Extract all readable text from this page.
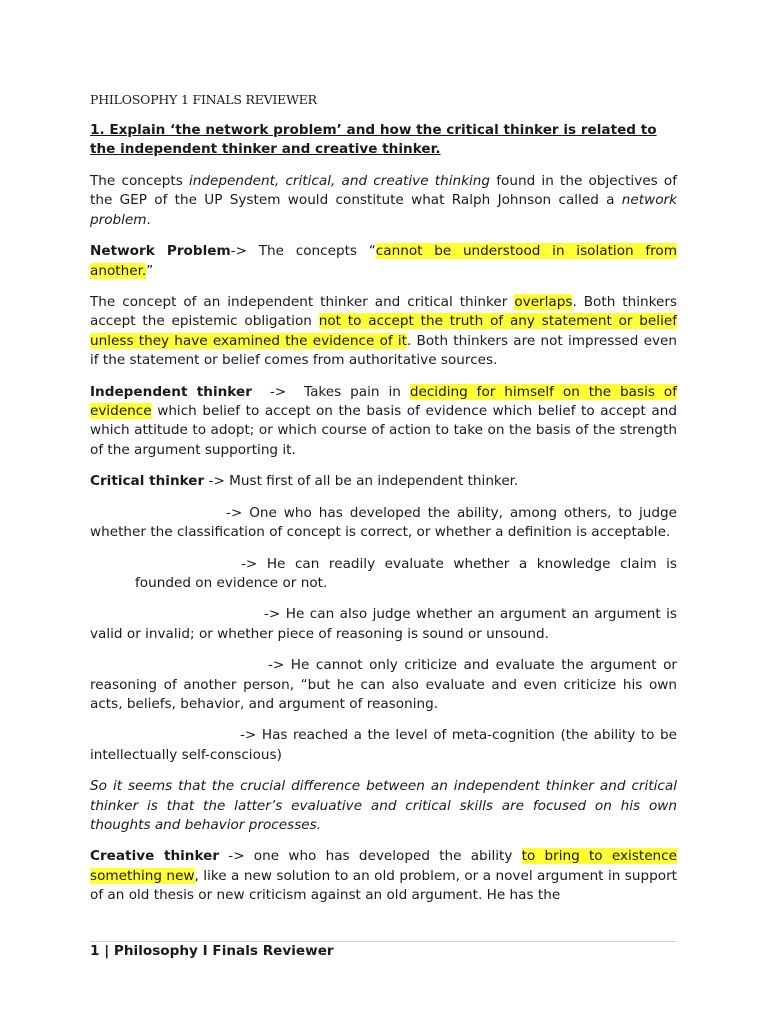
PHILOSOPHY 1 FINALS REVIEWER
1. Explain ‘the network problem’ and how the critical thinker is related to the independent thinker and creative thinker.

The concepts independent, critical, and creative thinking found in the objectives of the GEP of the UP System would constitute what Ralph Johnson called a network problem.

Network Problem-> The concepts “cannot be understood in isolation from another.”

The concept of an independent thinker and critical thinker overlaps. Both thinkers accept the epistemic obligation not to accept the truth of any statement or belief unless they have examined the evidence of it. Both thinkers are not impressed even if the statement or belief comes from authoritative sources.

Independent thinker  ->  Takes pain in deciding for himself on the basis of evidence which belief to accept on the basis of evidence which belief to accept and which attitude to adopt; or which course of action to take on the basis of the strength of the argument supporting it.

Critical thinker -> Must first of all be an independent thinker.

-> One who has developed the ability, among others, to judge whether the classification of concept is correct, or whether a definition is acceptable.

-> He can readily evaluate whether a knowledge claim is founded on evidence or not.

-> He can also judge whether an argument an argument is valid or invalid; or whether piece of reasoning is sound or unsound.

-> He cannot only criticize and evaluate the argument or reasoning of another person, “but he can also evaluate and even criticize his own acts, beliefs, behavior, and argument of reasoning.

-> Has reached a the level of meta-cognition (the ability to be intellectually self-conscious)

So it seems that the crucial difference between an independent thinker and critical thinker is that the latter’s evaluative and critical skills are focused on his own thoughts and behavior processes.

Creative thinker -> one who has developed the ability to bring to existence something new, like a new solution to an old problem, or a novel argument in support of an old thesis or new criticism against an old argument. He has the

1 | Philosophy I Finals Reviewer
